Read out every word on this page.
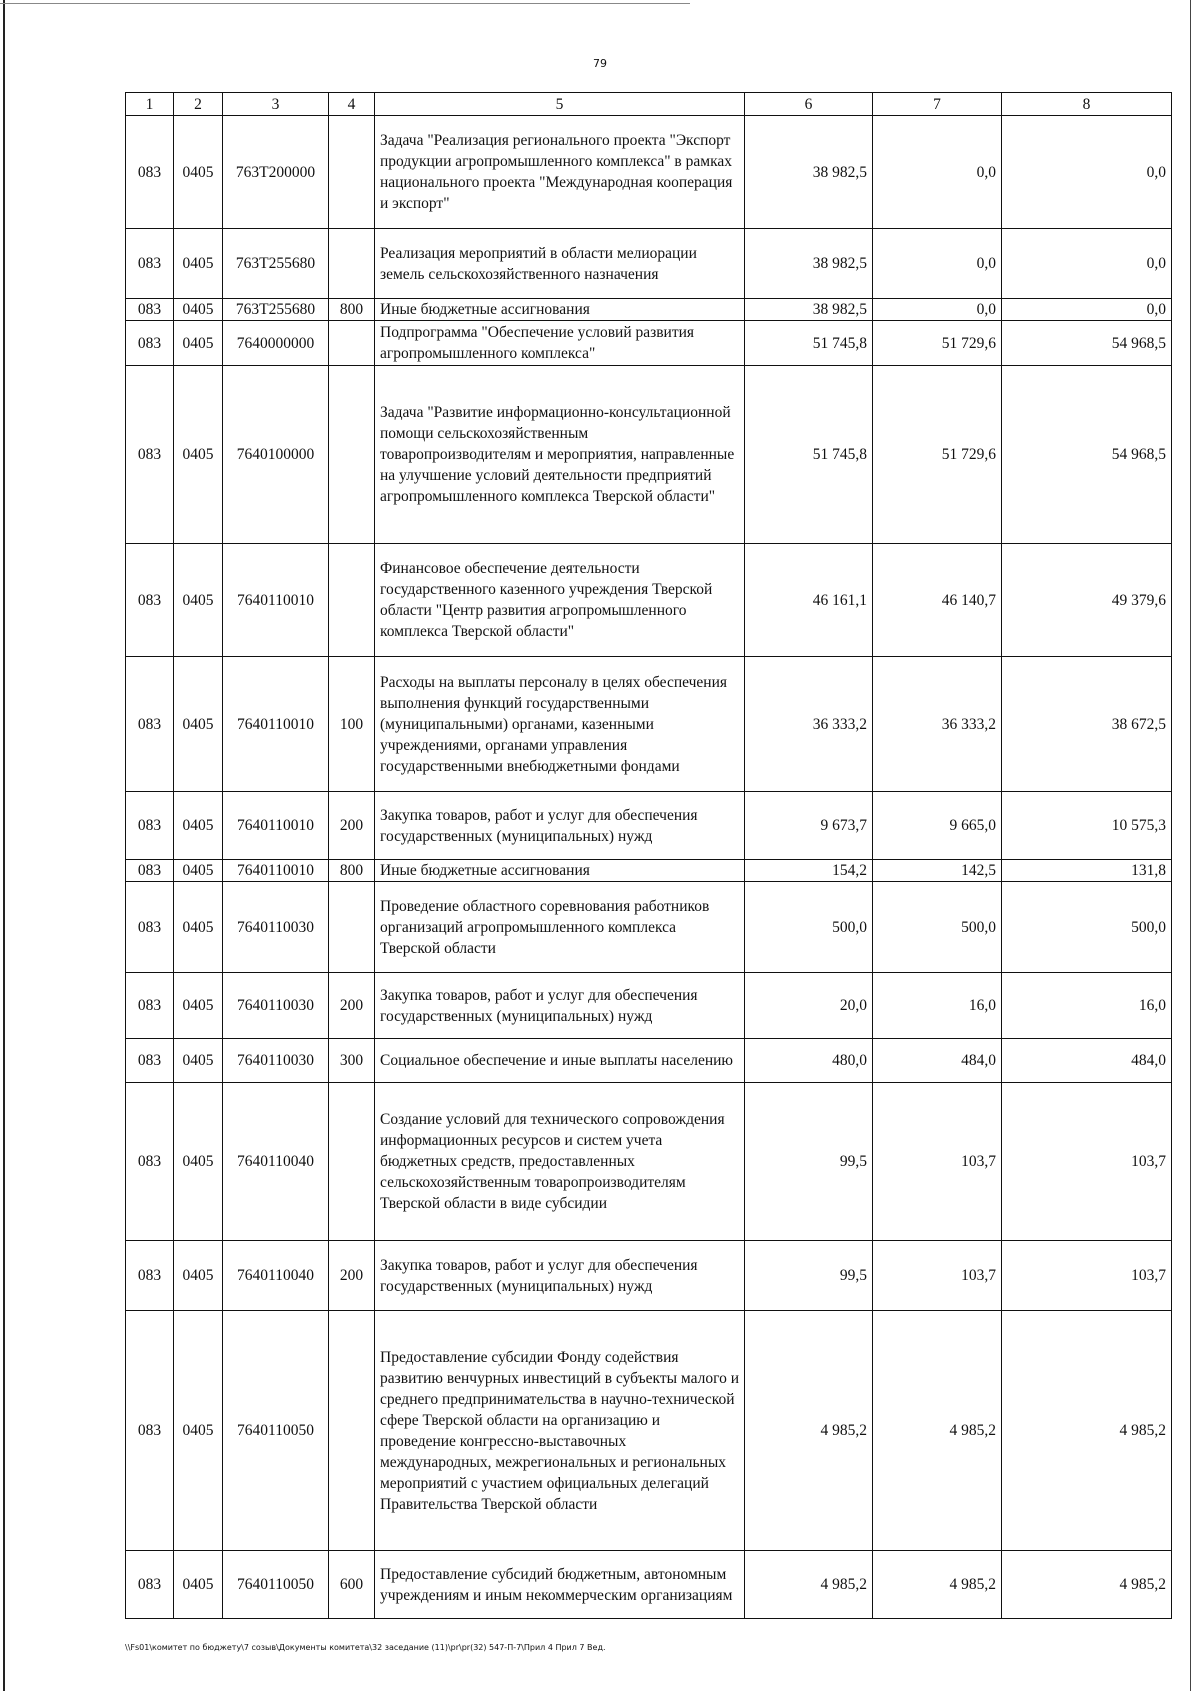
79
1	2	3	4	5	6	7	8
083	0405	763T200000		Задача "Реализация регионального проекта "Экспорт продукции агропромышленного комплекса" в рамках национального проекта "Международная кооперация и экспорт"	38 982,5	0,0	0,0
083	0405	763T255680		Реализация мероприятий в области мелиорации земель сельскохозяйственного назначения	38 982,5	0,0	0,0
083	0405	763T255680	800	Иные бюджетные ассигнования	38 982,5	0,0	0,0
083	0405	7640000000		Подпрограмма "Обеспечение условий развития агропромышленного комплекса"	51 745,8	51 729,6	54 968,5
083	0405	7640100000		Задача "Развитие информационно-консультационной помощи сельскохозяйственным товаропроизводителям и мероприятия, направленные на улучшение условий деятельности предприятий агропромышленного комплекса Тверской области"	51 745,8	51 729,6	54 968,5
083	0405	7640110010		Финансовое обеспечение деятельности государственного казенного учреждения Тверской области "Центр развития агропромышленного комплекса Тверской области"	46 161,1	46 140,7	49 379,6
083	0405	7640110010	100	Расходы на выплаты персоналу в целях обеспечения выполнения функций государственными (муниципальными) органами, казенными учреждениями, органами управления государственными внебюджетными фондами	36 333,2	36 333,2	38 672,5
083	0405	7640110010	200	Закупка товаров, работ и услуг для обеспечения государственных (муниципальных) нужд	9 673,7	9 665,0	10 575,3
083	0405	7640110010	800	Иные бюджетные ассигнования	154,2	142,5	131,8
083	0405	7640110030		Проведение областного соревнования работников организаций агропромышленного комплекса Тверской области	500,0	500,0	500,0
083	0405	7640110030	200	Закупка товаров, работ и услуг для обеспечения государственных (муниципальных) нужд	20,0	16,0	16,0
083	0405	7640110030	300	Социальное обеспечение и иные выплаты населению	480,0	484,0	484,0
083	0405	7640110040		Создание условий для технического сопровождения информационных ресурсов и систем учета бюджетных средств, предоставленных сельскохозяйственным товаропроизводителям Тверской области в виде субсидии	99,5	103,7	103,7
083	0405	7640110040	200	Закупка товаров, работ и услуг для обеспечения государственных (муниципальных) нужд	99,5	103,7	103,7
083	0405	7640110050		Предоставление субсидии Фонду содействия развитию венчурных инвестиций в субъекты малого и среднего предпринимательства в научно-технической сфере Тверской области на организацию и проведение конгрессно-выставочных международных, межрегиональных и региональных мероприятий с участием официальных делегаций Правительства Тверской области	4 985,2	4 985,2	4 985,2
083	0405	7640110050	600	Предоставление субсидий бюджетным, автономным учреждениям и иным некоммерческим организациям	4 985,2	4 985,2	4 985,2
\\Fs01\комитет по бюджету\7 созыв\Документы комитета\32 заседание (11)\pr\pr(32) 547-П-7\Прил 4 Прил 7 Вед.
